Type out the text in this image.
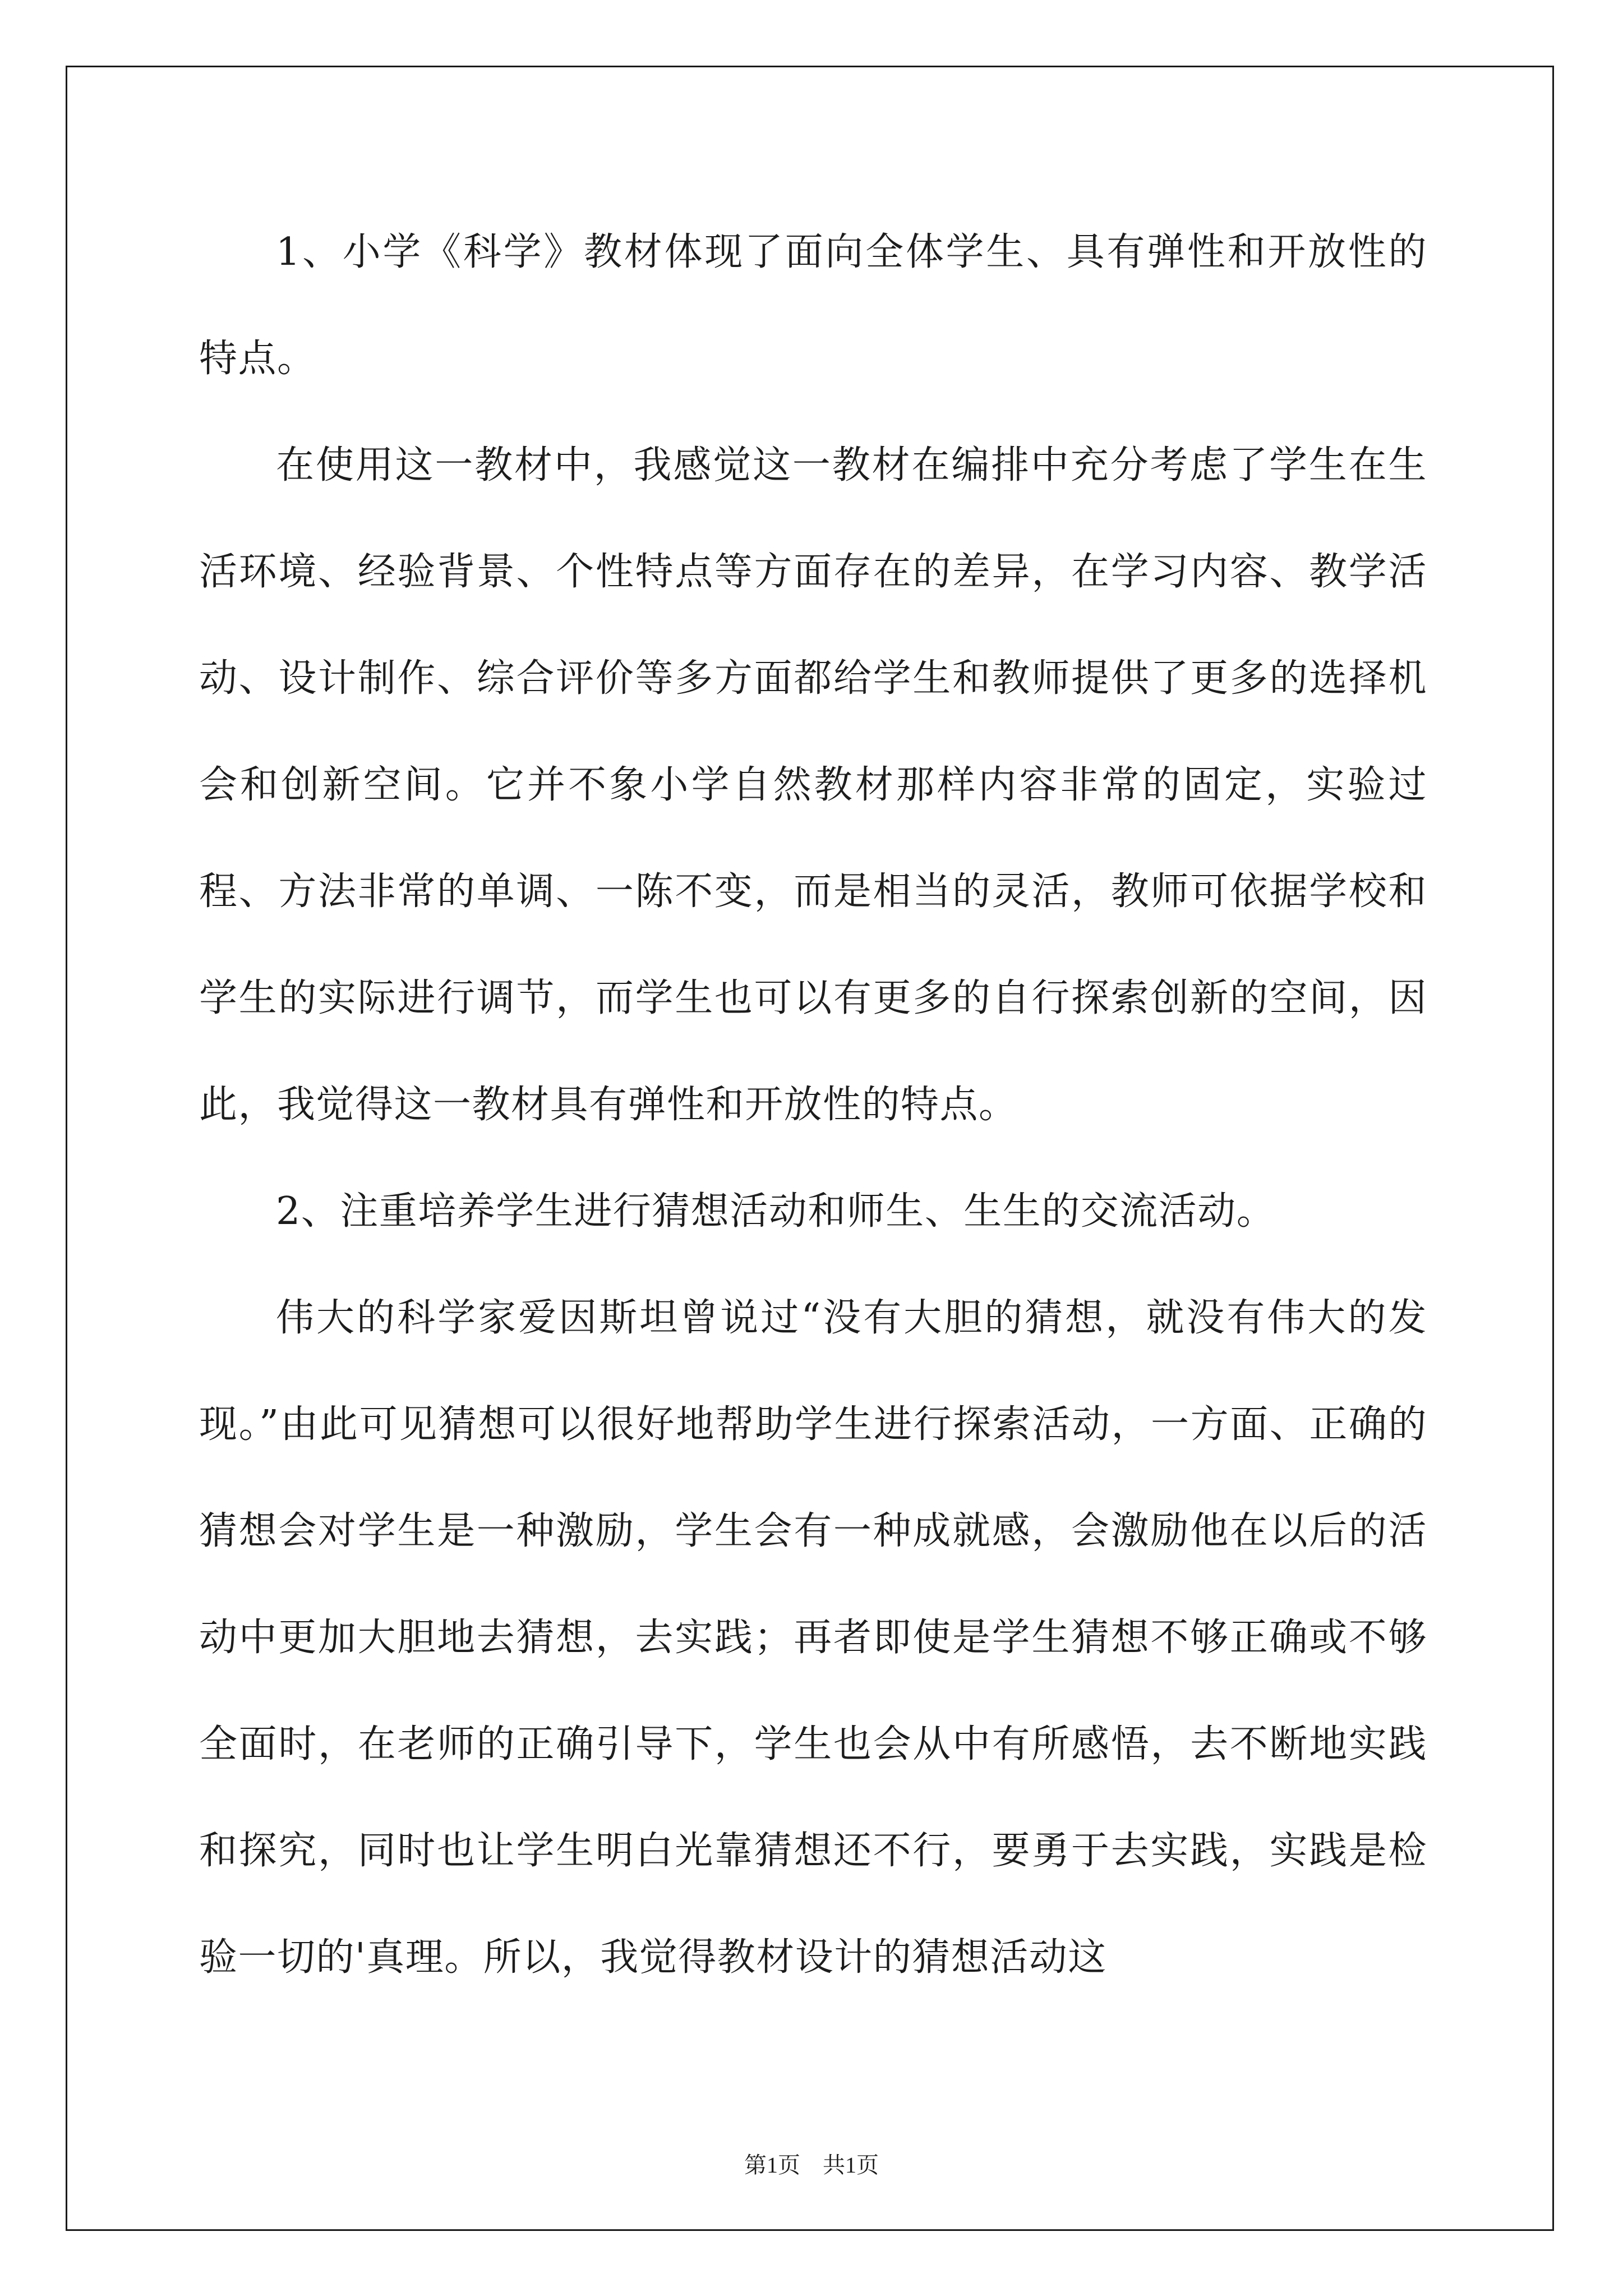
1、小学《科学》教材体现了面向全体学生、具有弹性和开放性的特点。

在使用这一教材中，我感觉这一教材在编排中充分考虑了学生在生活环境、经验背景、个性特点等方面存在的差异，在学习内容、教学活动、设计制作、综合评价等多方面都给学生和教师提供了更多的选择机会和创新空间。它并不象小学自然教材那样内容非常的固定，实验过程、方法非常的单调、一陈不变，而是相当的灵活，教师可依据学校和学生的实际进行调节，而学生也可以有更多的自行探索创新的空间，因此，我觉得这一教材具有弹性和开放性的特点。

2、注重培养学生进行猜想活动和师生、生生的交流活动。

伟大的科学家爱因斯坦曾说过“没有大胆的猜想，就没有伟大的发现。”由此可见猜想可以很好地帮助学生进行探索活动，一方面、正确的猜想会对学生是一种激励，学生会有一种成就感，会激励他在以后的活动中更加大胆地去猜想，去实践；再者即使是学生猜想不够正确或不够全面时，在老师的正确引导下，学生也会从中有所感悟，去不断地实践和探究，同时也让学生明白光靠猜想还不行，要勇于去实践，实践是检验一切的'真理。所以，我觉得教材设计的猜想活动这

第1页 共1页
